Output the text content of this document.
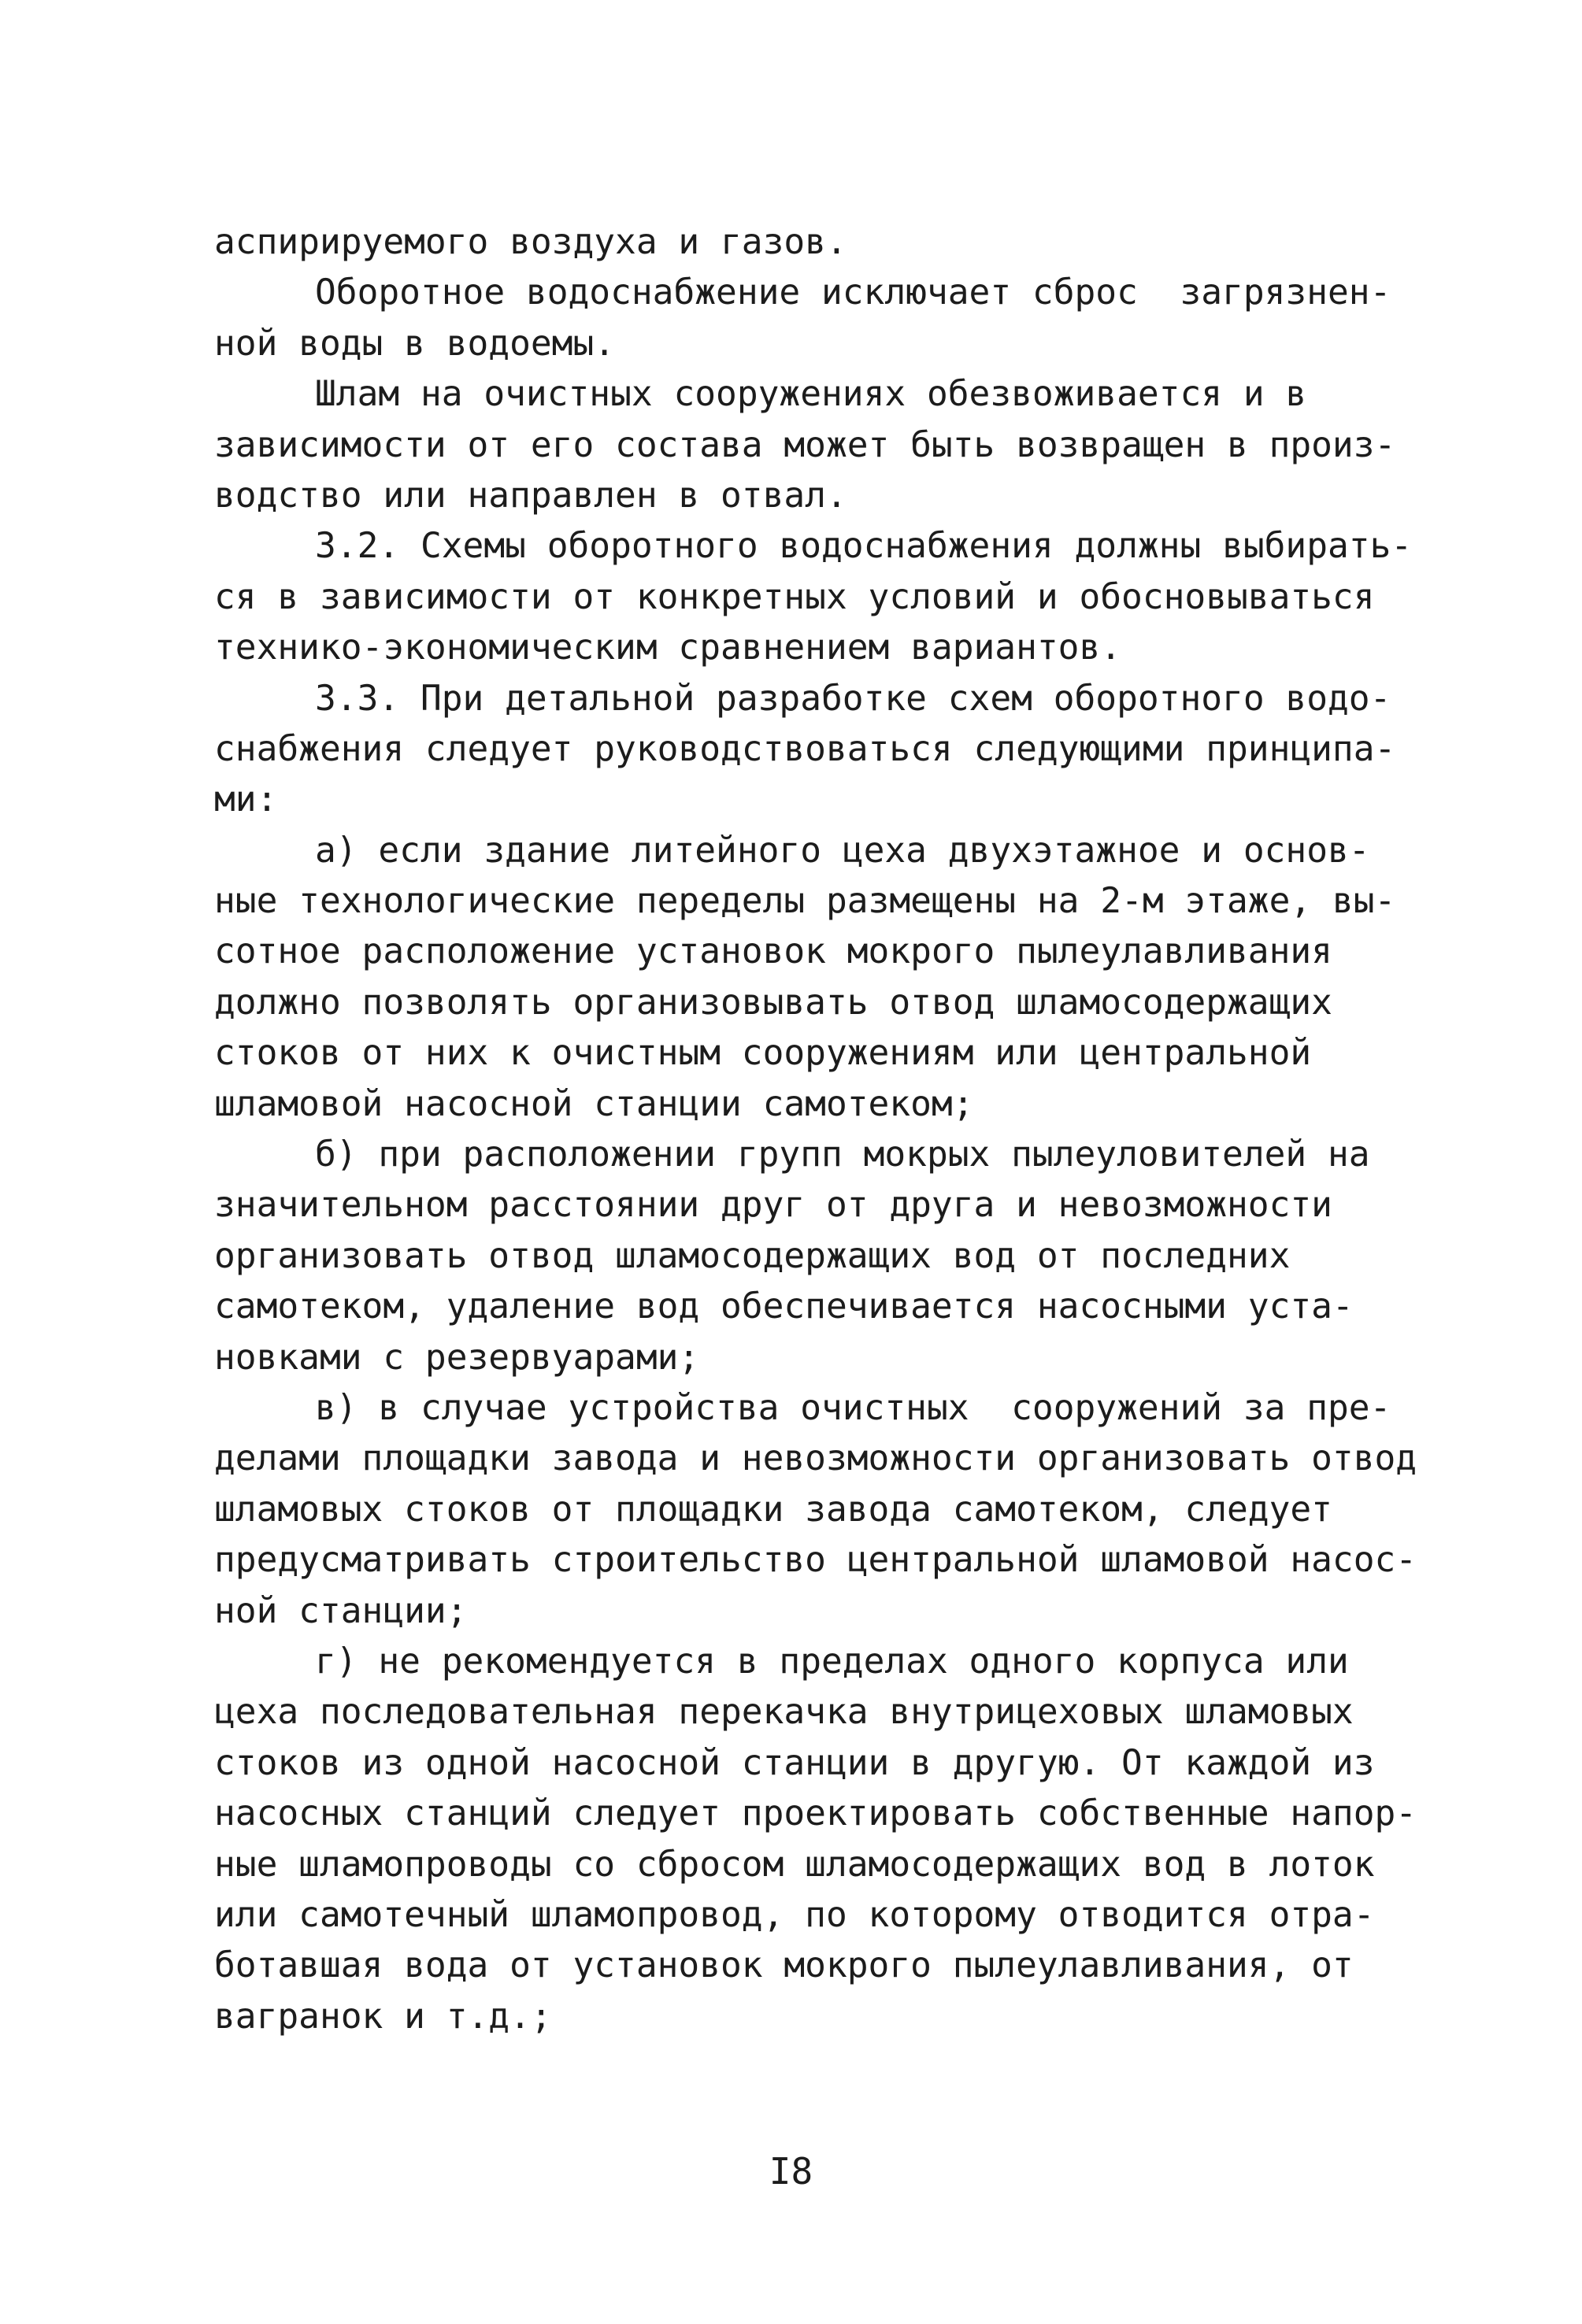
аспирируемого воздуха и газов.
Оборотное водоснабжение исключает сброс  загрязнен-
ной воды в водоемы.
Шлам на очистных сооружениях обезвоживается и в
зависимости от его состава может быть возвращен в произ-
водство или направлен в отвал.
3.2. Схемы оборотного водоснабжения должны выбирать-
ся в зависимости от конкретных условий и обосновываться
технико-экономическим сравнением вариантов.
3.3. При детальной разработке схем оборотного водо-
снабжения следует руководствоваться следующими принципа-
ми:
а) если здание литейного цеха двухэтажное и основ-
ные технологические переделы размещены на 2-м этаже, вы-
сотное расположение установок мокрого пылеулавливания
должно позволять организовывать отвод шламосодержащих
стоков от них к очистным сооружениям или центральной
шламовой насосной станции самотеком;
б) при расположении групп мокрых пылеуловителей на
значительном расстоянии друг от друга и невозможности
организовать отвод шламосодержащих вод от последних
самотеком, удаление вод обеспечивается насосными уста-
новками с резервуарами;
в) в случае устройства очистных  сооружений за пре-
делами площадки завода и невозможности организовать отвод
шламовых стоков от площадки завода самотеком, следует
предусматривать строительство центральной шламовой насос-
ной станции;
г) не рекомендуется в пределах одного корпуса или
цеха последовательная перекачка внутрицеховых шламовых
стоков из одной насосной станции в другую. От каждой из
насосных станций следует проектировать собственные напор-
ные шламопроводы со сбросом шламосодержащих вод в лоток
или самотечный шламопровод, по которому отводится отра-
ботавшая вода от установок мокрого пылеулавливания, от
вагранок и т.д.;
I8
